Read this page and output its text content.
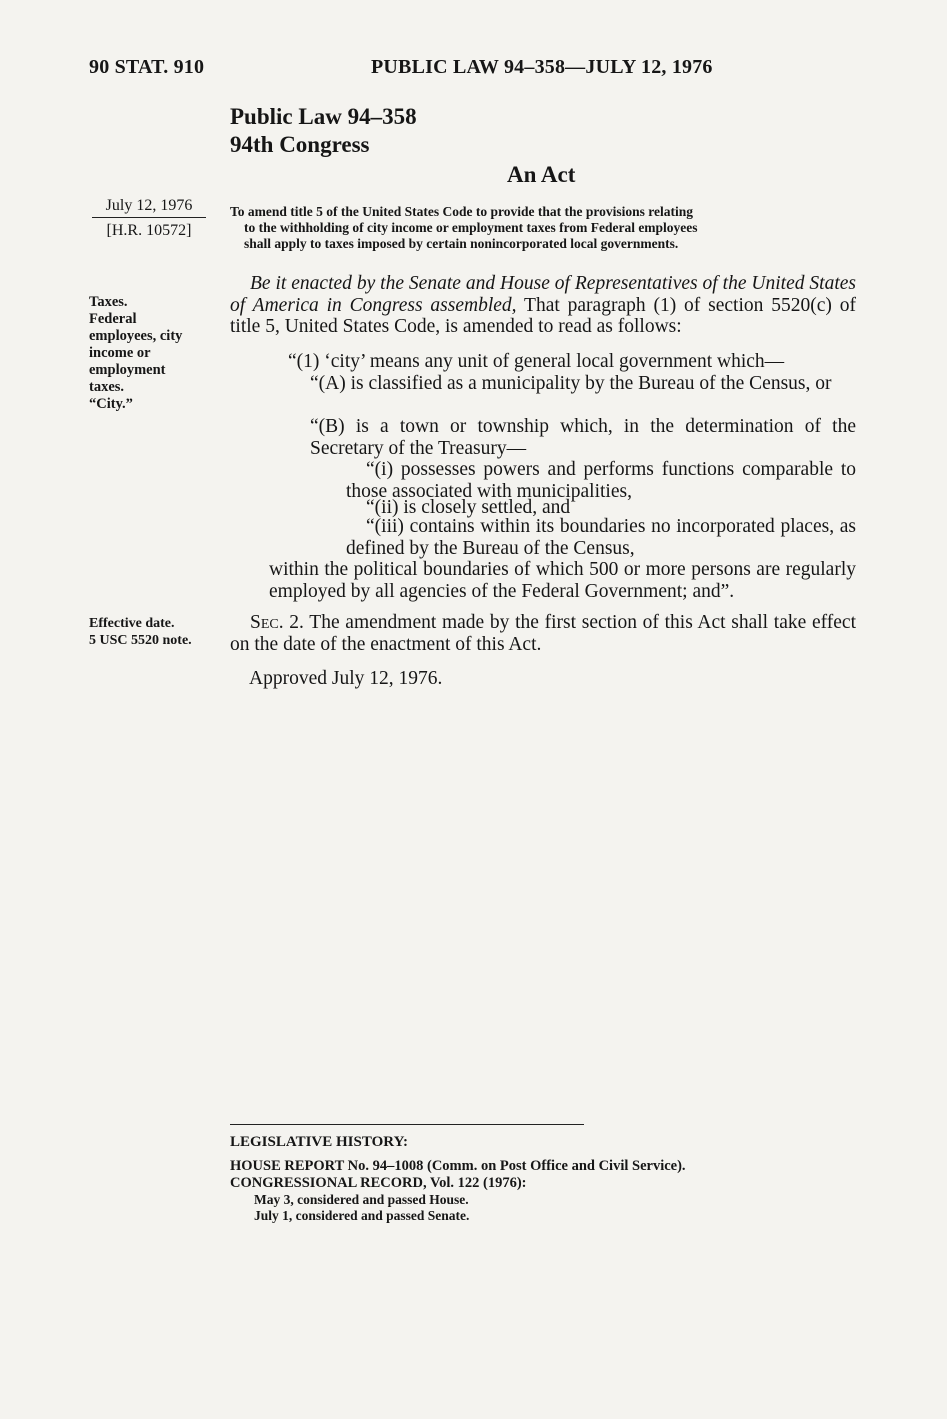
90 STAT. 910	PUBLIC LAW 94–358—JULY 12, 1976
Public Law 94–358
94th Congress
An Act
July 12, 1976
[H.R. 10572]
To amend title 5 of the United States Code to provide that the provisions relating
to the withholding of city income or employment taxes from Federal employees
shall apply to taxes imposed by certain nonincorporated local governments.
Taxes.
Federal
employees, city
income or
employment
taxes.
“City.”
Be it enacted by the Senate and House of Representatives of the United States of America in Congress assembled, That paragraph (1) of section 5520(c) of title 5, United States Code, is amended to read as follows:
“(1) ‘city’ means any unit of general local government which—
“(A) is classified as a municipality by the Bureau of the Census, or
“(B) is a town or township which, in the determination of the Secretary of the Treasury—
“(i) possesses powers and performs functions comparable to those associated with municipalities,
“(ii) is closely settled, and
“(iii) contains within its boundaries no incorporated places, as defined by the Bureau of the Census,
within the political boundaries of which 500 or more persons are regularly employed by all agencies of the Federal Government; and”.
Effective date.
5 USC 5520 note.
Sec. 2. The amendment made by the first section of this Act shall take effect on the date of the enactment of this Act.
Approved July 12, 1976.
LEGISLATIVE HISTORY:
HOUSE REPORT No. 94–1008 (Comm. on Post Office and Civil Service).
CONGRESSIONAL RECORD, Vol. 122 (1976):
May 3, considered and passed House.
July 1, considered and passed Senate.
